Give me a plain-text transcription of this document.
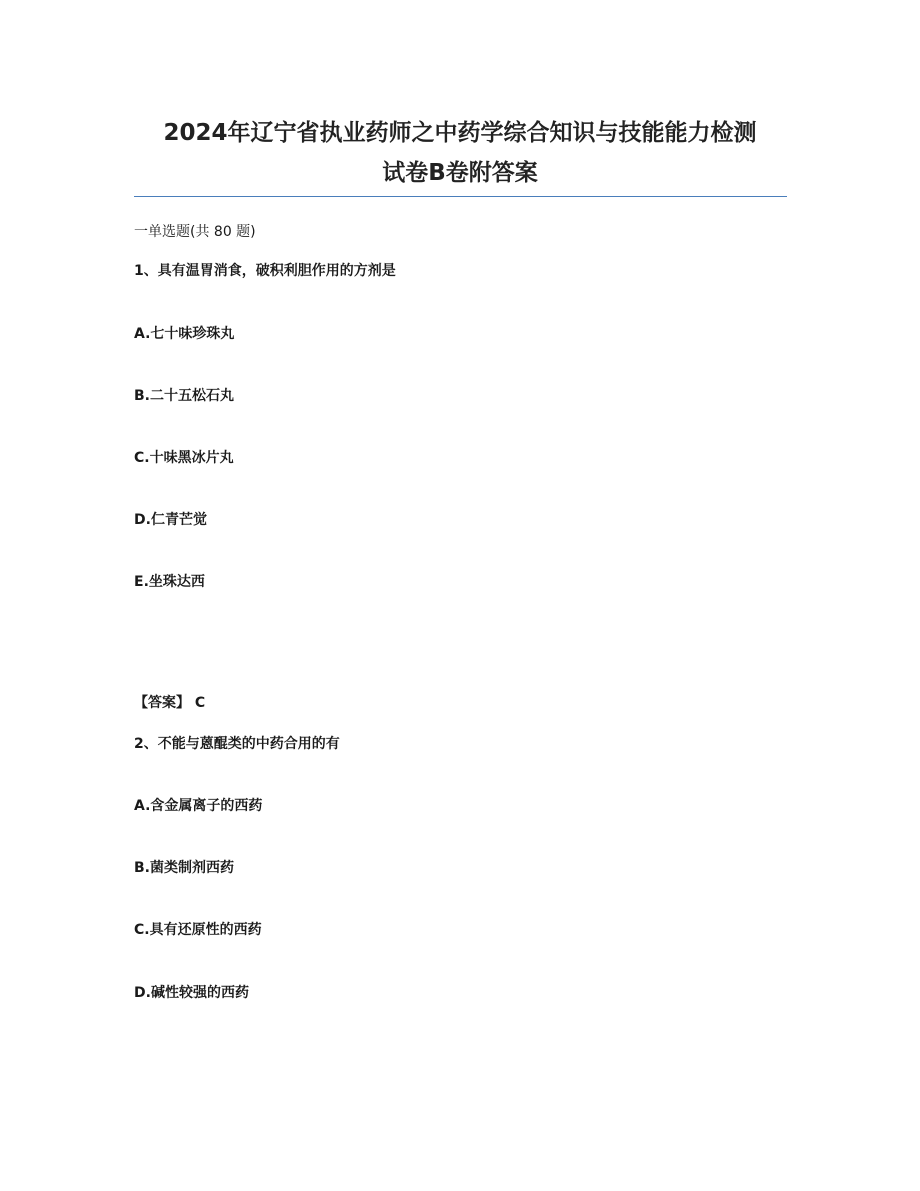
2024年辽宁省执业药师之中药学综合知识与技能能力检测
试卷B卷附答案
一单选题(共 80 题)
1、具有温胃消食，破积利胆作用的方剂是
A.七十味珍珠丸
B.二十五松石丸
C.十味黑冰片丸
D.仁青芒觉
E.坐珠达西
【答案】 C
2、不能与蒽醌类的中药合用的有
A.含金属离子的西药
B.菌类制剂西药
C.具有还原性的西药
D.碱性较强的西药
